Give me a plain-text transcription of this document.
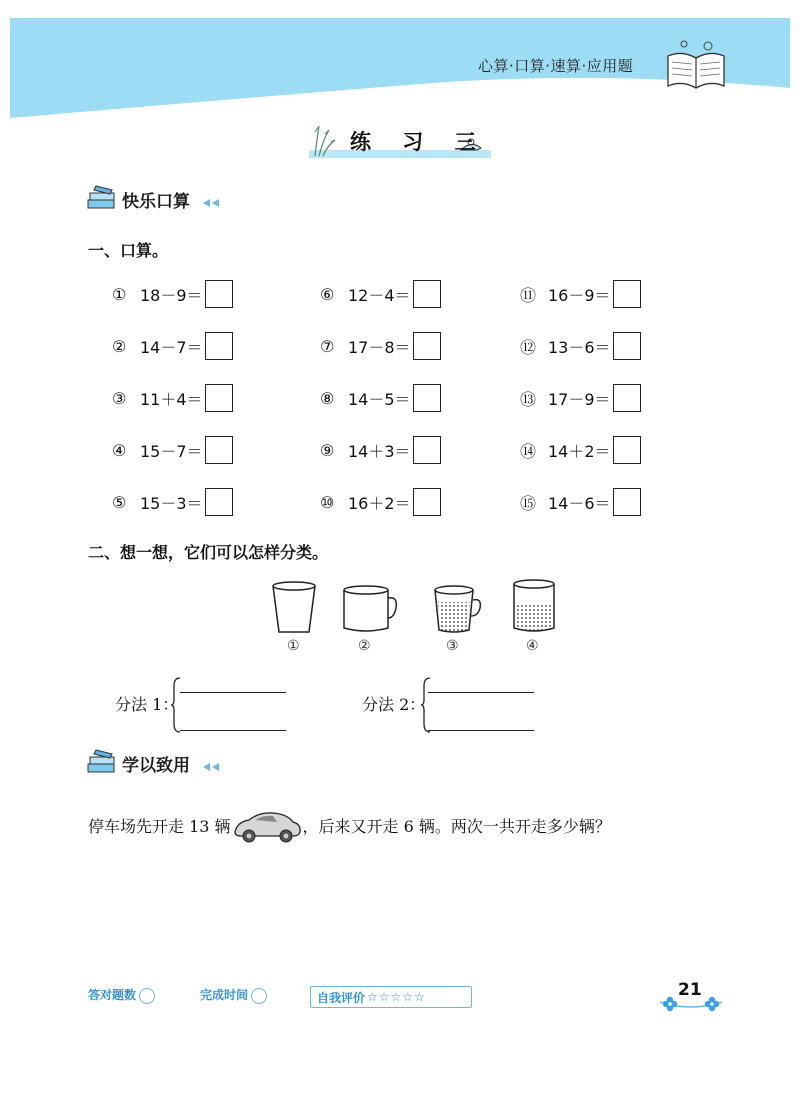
心算·口算·速算·应用题
练 习 三
快乐口算
一、口算。
① 18－9＝	⑥ 12－4＝	⑪ 16－9＝
② 14－7＝	⑦ 17－8＝	⑫ 13－6＝
③ 11＋4＝	⑧ 14－5＝	⑬ 17－9＝
④ 15－7＝	⑨ 14＋3＝	⑭ 14＋2＝
⑤ 15－3＝	⑩ 16＋2＝	⑮ 14－6＝
二、想一想，它们可以怎样分类。
①	②	③	④
分法 1：	分法 2：
学以致用
停车场先开走 13 辆	，后来又开走 6 辆。两次一共开走多少辆？
答对题数	完成时间	自我评价 ☆☆☆☆☆	21
